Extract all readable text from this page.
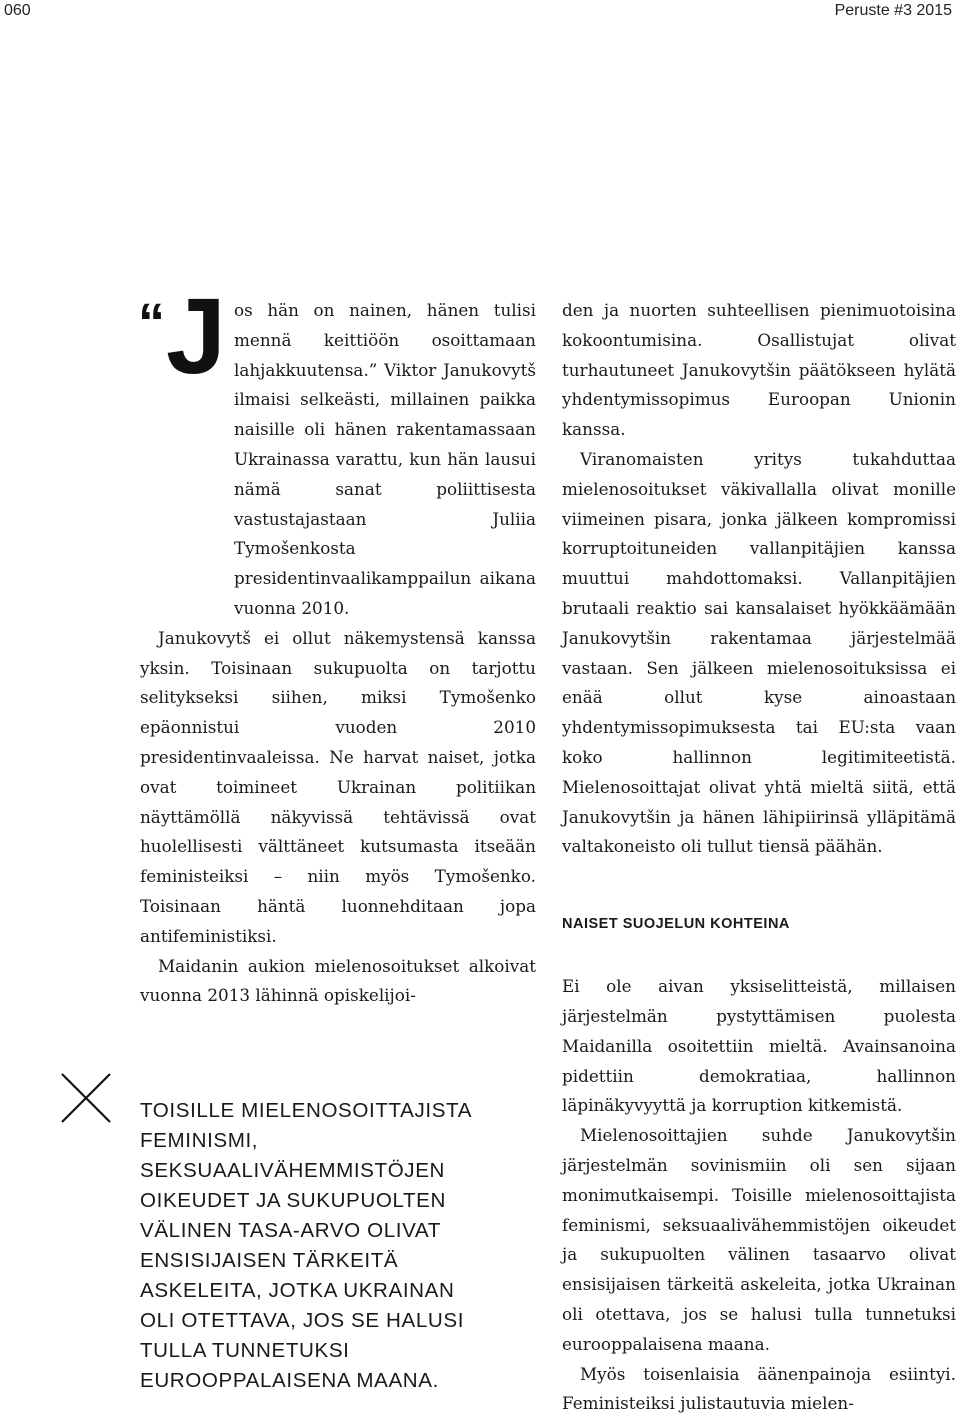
060	Peruste #3 2015
“ J os hän on nainen, hänen tulisi mennä keittiöön osoittamaan lahjakkuutensa.” Viktor Janukovytš ilmaisi selkeästi, millainen paikka naisille oli hänen rakentamassaan Ukrainassa varattu, kun hän lausui nämä sanat poliittisesta vastustajastaan Juliia Tymošenkosta presidentinvaalikamppailun aikana vuonna 2010.

Janukovytš ei ollut näkemystensä kanssa yksin. Toisinaan sukupuolta on tarjottu selitykseksi siihen, miksi Tymošenko epäonnistui vuoden 2010 presidentinvaaleissa. Ne harvat naiset, jotka ovat toimineet Ukrainan politiikan näyttämöllä näkyvissä tehtävissä ovat huolellisesti välttäneet kutsumasta itseään feministeiksi – niin myös Tymošenko. Toisinaan häntä luonnehditaan jopa antifeministiksi.

Maidanin aukion mielenosoitukset alkoivat vuonna 2013 lähinnä opiskelijoi-

den ja nuorten suhteellisen pienimuotoisina kokoontumisina. Osallistujat olivat turhautuneet Janukovytšin päätökseen hylätä yhdentymissopimus Euroopan Unionin kanssa.

Viranomaisten yritys tukahduttaa mielenosoitukset väkivallalla olivat monille viimeinen pisara, jonka jälkeen kompromissi korruptoituneiden vallanpitäjien kanssa muuttui mahdottomaksi. Vallanpitäjien brutaali reaktio sai kansalaiset hyökkäämään Janukovytšin rakentamaa järjestelmää vastaan. Sen jälkeen mielenosoituksissa ei enää ollut kyse ainoastaan yhdentymissopimuksesta tai EU:sta vaan koko hallinnon legitimiteetistä. Mielenosoittajat olivat yhtä mieltä siitä, että Janukovytšin ja hänen lähipiirinsä ylläpitämä valtakoneisto oli tullut tiensä päähän.

NAISET SUOJELUN KOHTEINA

Ei ole aivan yksiselitteistä, millaisen järjestelmän pystyttämisen puolesta Maidanilla osoitettiin mieltä. Avainsanoina pidettiin demokratiaa, hallinnon läpinäkyvyyttä ja korruption kitkemistä.

Mielenosoittajien suhde Janukovytšin järjestelmän sovinismiin oli sen sijaan monimutkaisempi. Toisille mielenosoittajista feminismi, seksuaalivähemmistöjen oikeudet ja sukupuolten välinen tasaarvo olivat ensisijaisen tärkeitä askeleita, jotka Ukrainan oli otettava, jos se halusi tulla tunnetuksi eurooppalaisena maana.

Myös toisenlaisia äänenpainoja esiintyi. Feministeiksi julistautuvia mielen-

TOISILLE MIELENOSOITTAJISTA FEMINISMI, SEKSUAALIVÄHEMMISTÖJEN OIKEUDET JA SUKUPUOLTEN VÄLINEN TASA-ARVO OLIVAT ENSISIJAISEN TÄRKEITÄ ASKELEITA, JOTKA UKRAINAN OLI OTETTAVA, JOS SE HALUSI TULLA TUNNETUKSI EUROOPPALAISENA MAANA.
